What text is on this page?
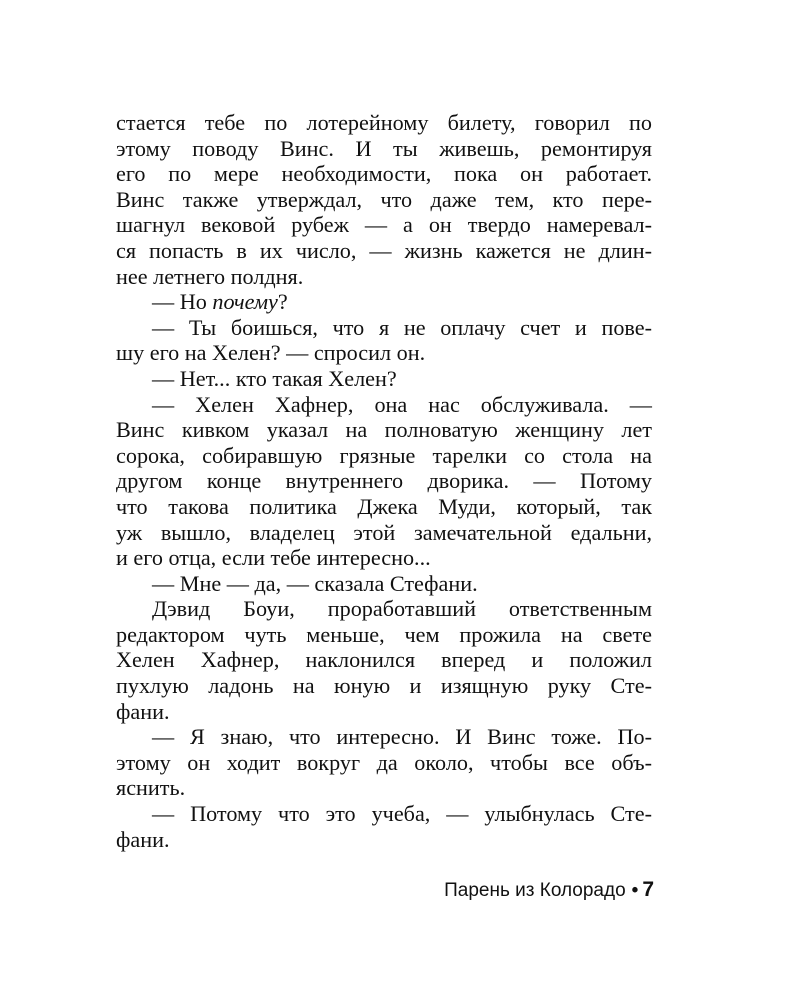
стается тебе по лотерейному билету, говорил по
этому поводу Винс. И ты живешь, ремонтируя
его по мере необходимости, пока он работает.
Винс также утверждал, что даже тем, кто пере-
шагнул вековой рубеж — а он твердо намеревал-
ся попасть в их число, — жизнь кажется не длин-
нее летнего полдня.
— Но почему?
— Ты боишься, что я не оплачу счет и пове-
шу его на Хелен? — спросил он.
— Нет... кто такая Хелен?
— Хелен Хафнер, она нас обслуживала. —
Винс кивком указал на полноватую женщину лет
сорока, собиравшую грязные тарелки со стола на
другом конце внутреннего дворика. — Потому
что такова политика Джека Муди, который, так
уж вышло, владелец этой замечательной едальни,
и его отца, если тебе интересно...
— Мне — да, — сказала Стефани.
Дэвид Боуи, проработавший ответственным
редактором чуть меньше, чем прожила на свете
Хелен Хафнер, наклонился вперед и положил
пухлую ладонь на юную и изящную руку Сте-
фани.
— Я знаю, что интересно. И Винс тоже. По-
этому он ходит вокруг да около, чтобы все объ-
яснить.
— Потому что это учеба, — улыбнулась Сте-
фани.
Парень из Колорадо • 7
